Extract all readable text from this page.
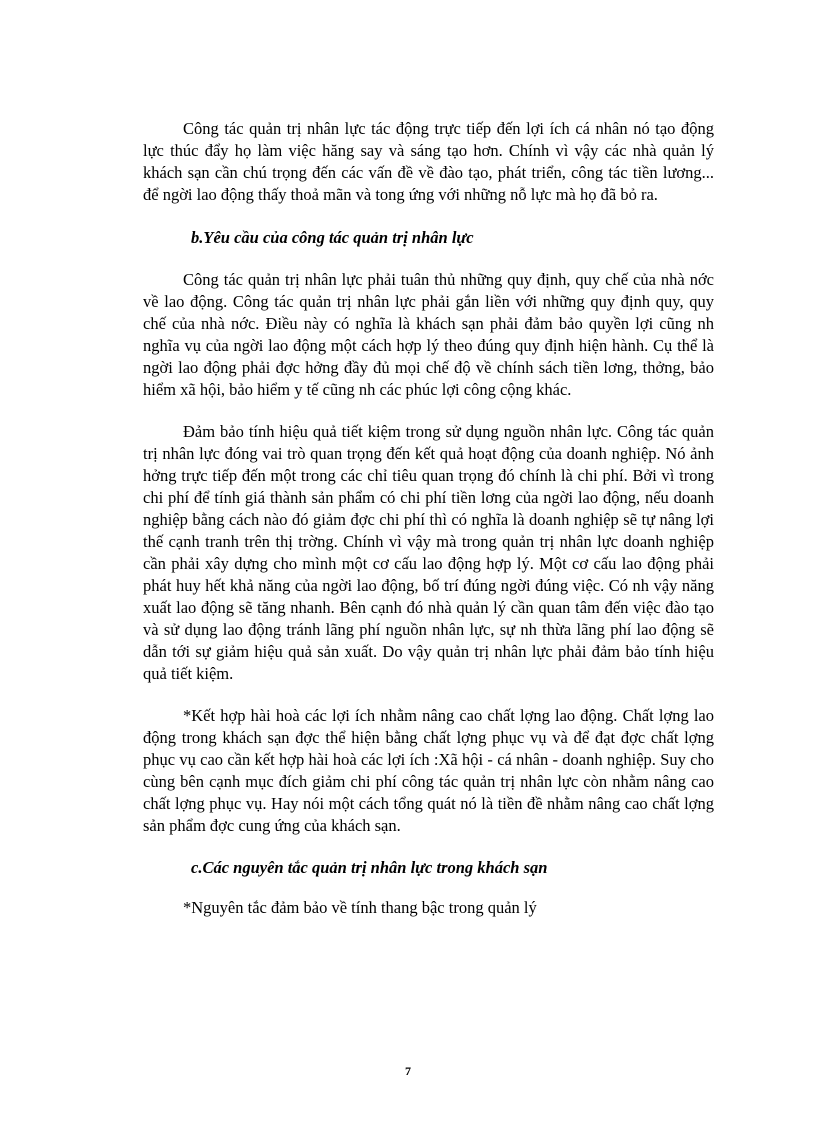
Công tác quản trị nhân lực tác động trực tiếp đến lợi ích cá nhân nó tạo động lực thúc đẩy họ làm việc hăng say và sáng tạo hơn. Chính vì vậy các nhà quản lý khách sạn cần chú trọng đến các vấn đề về đào tạo, phát triển, công tác tiền lương... để ngời lao động thấy thoả mãn và tong ứng với những nỗ lực mà họ đã bỏ ra.

b.Yêu cầu của công tác quản trị nhân lực

Công tác quản trị nhân lực phải tuân thủ những quy định, quy chế của nhà nớc về lao động. Công tác quản trị nhân lực phải gắn liền với những quy định quy, quy chế của nhà nớc. Điều này có nghĩa là khách sạn phải đảm bảo quyền lợi cũng nh nghĩa vụ của ngời lao động một cách hợp lý theo đúng quy định hiện hành. Cụ thể là ngời lao động phải đợc hởng đầy đủ mọi chế độ về chính sách tiền lơng, thởng, bảo hiểm xã hội, bảo hiểm y tế cũng nh các phúc lợi công cộng khác.

Đảm bảo tính hiệu quả tiết kiệm trong sử dụng nguồn nhân lực. Công tác quản trị nhân lực đóng vai trò quan trọng đến kết quả hoạt động của doanh nghiệp. Nó ảnh hởng trực tiếp đến một trong các chỉ tiêu quan trọng đó chính là chi phí. Bởi vì trong chi phí để tính giá thành sản phẩm có chi phí tiền lơng của ngời lao động, nếu doanh nghiệp bằng cách nào đó giảm đợc chi phí thì có nghĩa là doanh nghiệp sẽ tự nâng lợi thế cạnh tranh trên thị trờng. Chính vì vậy mà trong quản trị nhân lực doanh nghiệp cần phải xây dựng cho mình một cơ cấu lao động hợp lý. Một cơ cấu lao động phải phát huy hết khả năng của ngời lao động, bố trí đúng ngời đúng việc. Có nh vậy năng xuất lao động sẽ tăng nhanh. Bên cạnh đó nhà quản lý cần quan tâm đến việc đào tạo và sử dụng lao động tránh lãng phí nguồn nhân lực, sự nh thừa lãng phí lao động sẽ dẫn tới sự giảm hiệu quả sản xuất. Do vậy quản trị nhân lực phải đảm bảo tính hiệu quả tiết kiệm.

*Kết hợp hài hoà các lợi ích nhằm nâng cao chất lợng lao động. Chất lợng lao động trong khách sạn đợc thể hiện bằng chất lợng phục vụ và để đạt đợc chất lợng phục vụ cao cần kết hợp hài hoà các lợi ích :Xã hội - cá nhân - doanh nghiệp. Suy cho cùng bên cạnh mục đích giảm chi phí công tác quản trị nhân lực còn nhằm nâng cao chất lợng phục vụ. Hay nói một cách tổng quát nó là tiền đề nhằm nâng cao chất lợng sản phẩm đợc cung ứng của khách sạn.

c.Các nguyên tắc quản trị nhân lực trong khách sạn

*Nguyên tắc đảm bảo về tính thang bậc trong quản lý

7
